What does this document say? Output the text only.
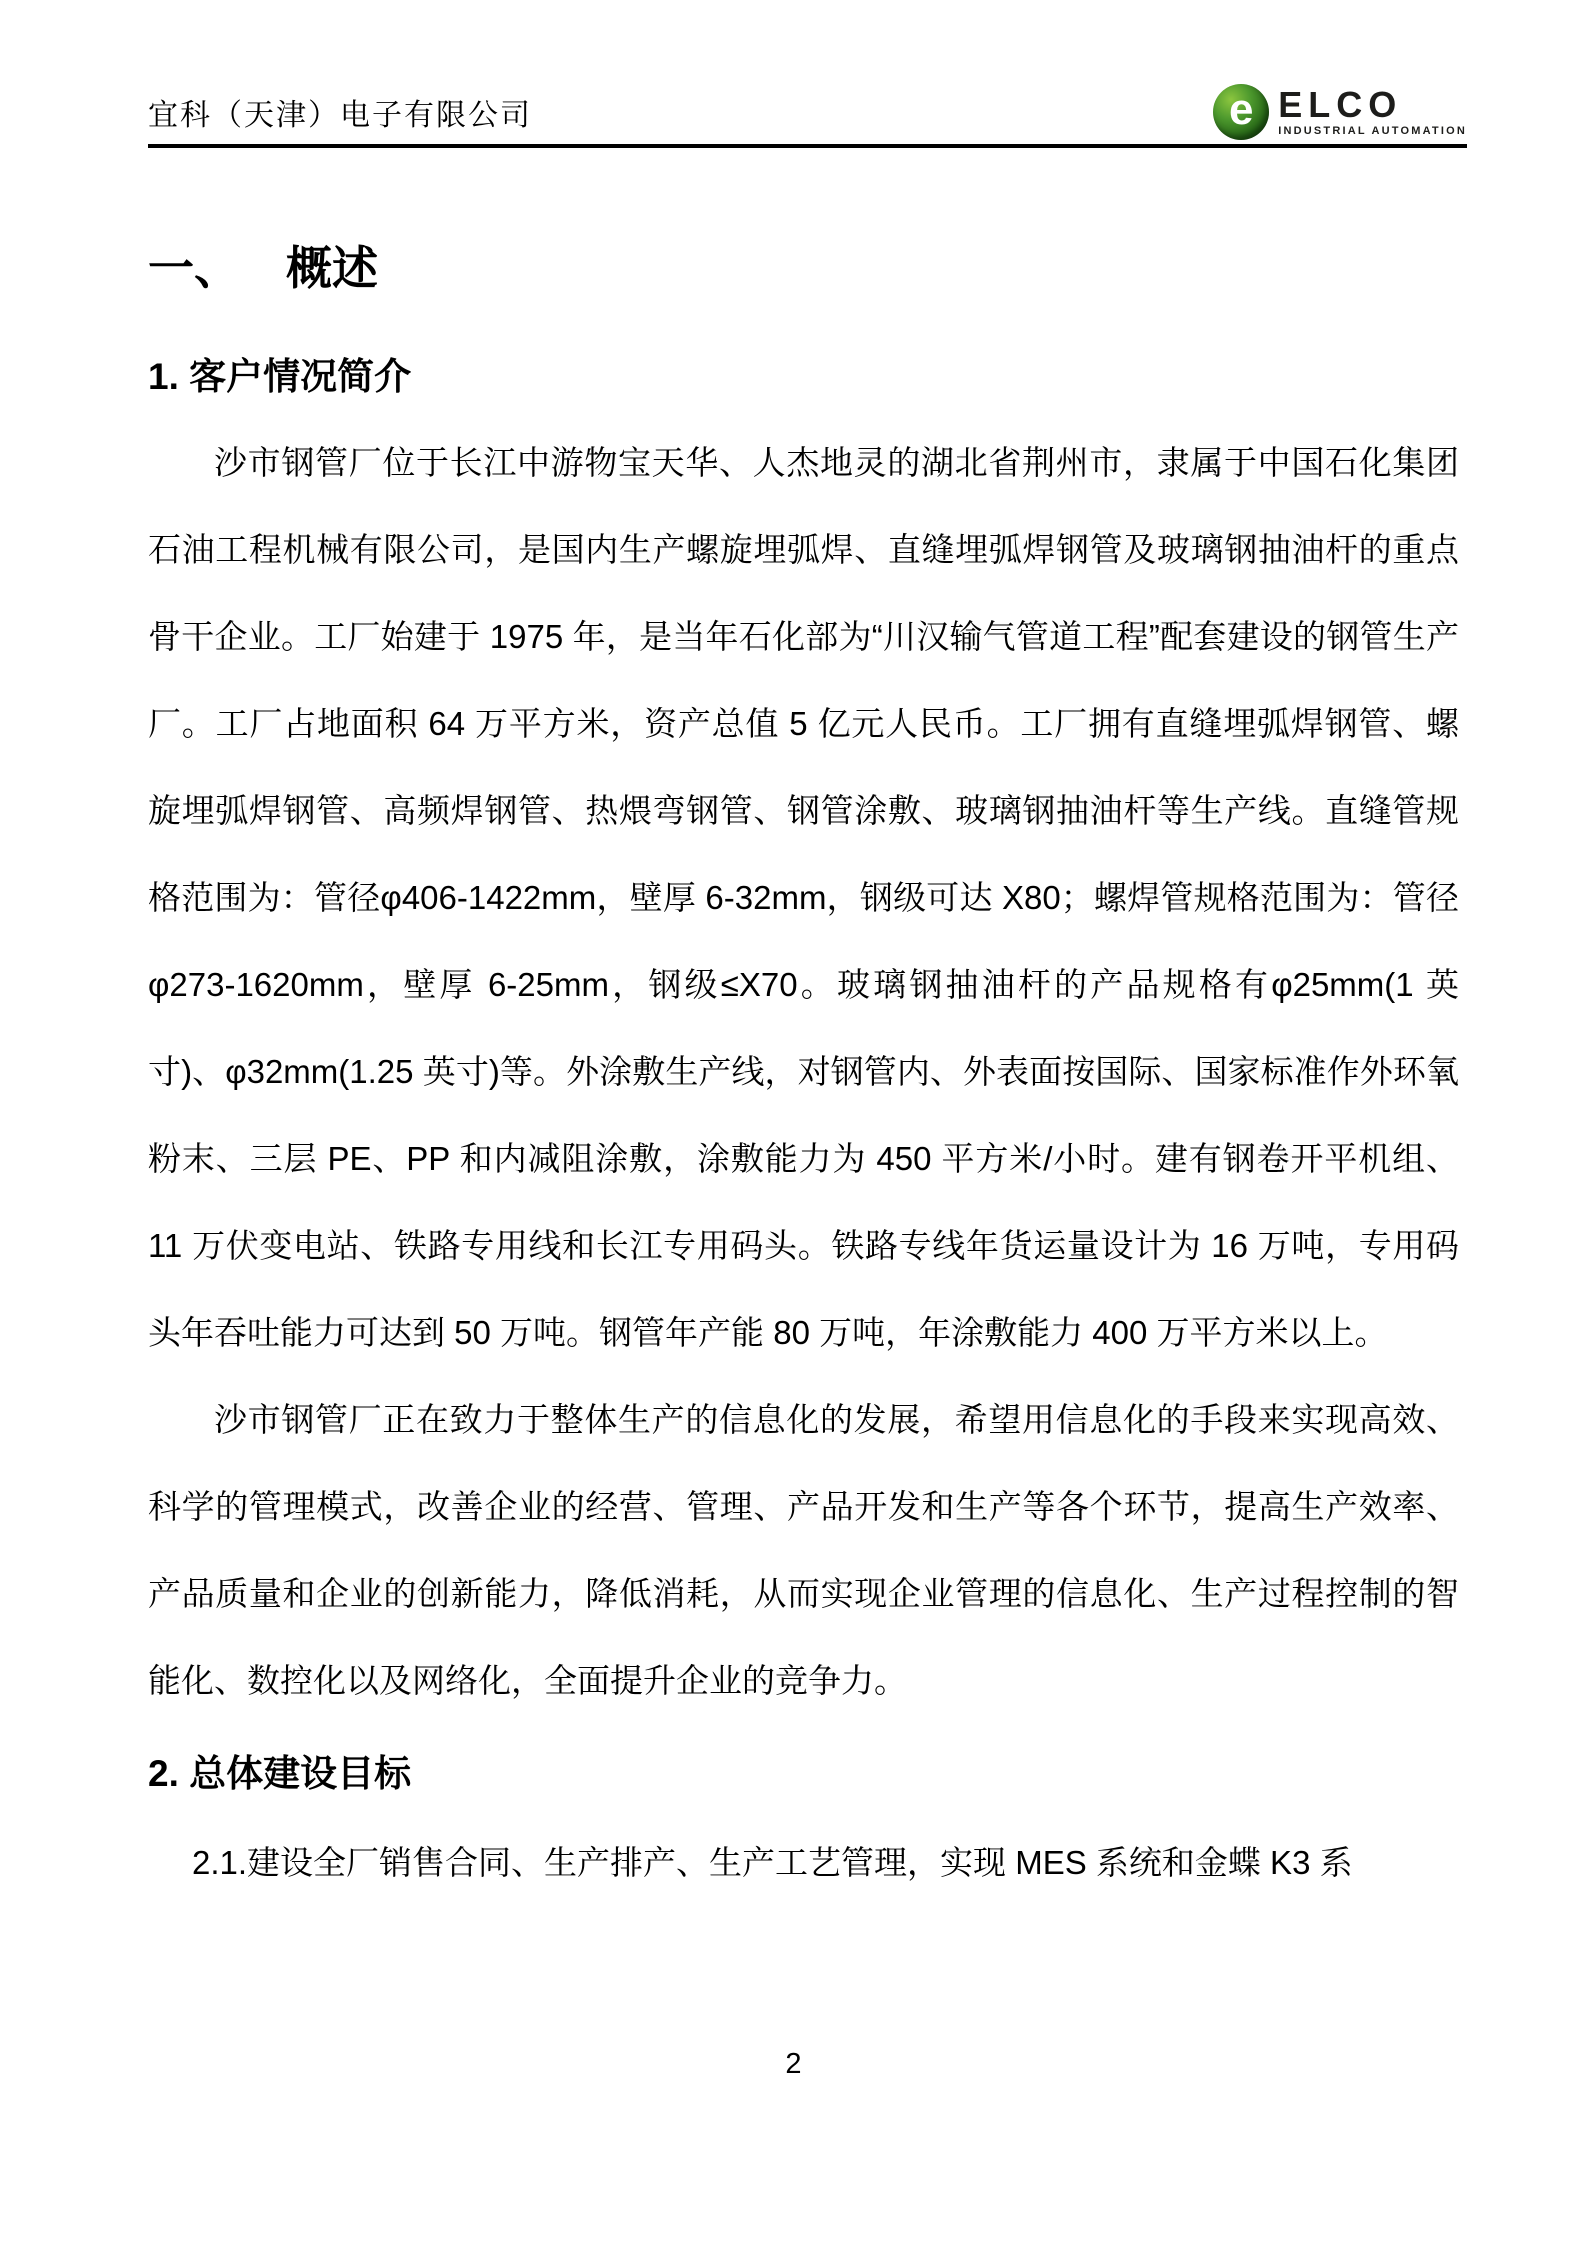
宜科（天津）电子有限公司	e ELCO
INDUSTRIAL AUTOMATION
一、 概述
1. 客户情况简介

沙市钢管厂位于长江中游物宝天华、人杰地灵的湖北省荆州市，隶属于中国石化集团石油工程机械有限公司，是国内生产螺旋埋弧焊、直缝埋弧焊钢管及玻璃钢抽油杆的重点骨干企业。工厂始建于 1975 年，是当年石化部为“川汉输气管道工程”配套建设的钢管生产厂。工厂占地面积 64 万平方米，资产总值 5 亿元人民币。工厂拥有直缝埋弧焊钢管、螺旋埋弧焊钢管、高频焊钢管、热煨弯钢管、钢管涂敷、玻璃钢抽油杆等生产线。直缝管规格范围为：管径φ406-1422mm，壁厚 6-32mm，钢级可达 X80；螺焊管规格范围为：管径φ273-1620mm，壁厚 6-25mm，钢级≤X70。玻璃钢抽油杆的产品规格有φ25mm(1 英寸)、φ32mm(1.25 英寸)等。外涂敷生产线，对钢管内、外表面按国际、国家标准作外环氧粉末、三层 PE、PP 和内减阻涂敷，涂敷能力为 450 平方米/小时。建有钢卷开平机组、11 万伏变电站、铁路专用线和长江专用码头。铁路专线年货运量设计为 16 万吨，专用码头年吞吐能力可达到 50 万吨。钢管年产能 80 万吨，年涂敷能力 400 万平方米以上。

沙市钢管厂正在致力于整体生产的信息化的发展，希望用信息化的手段来实现高效、科学的管理模式，改善企业的经营、管理、产品开发和生产等各个环节，提高生产效率、产品质量和企业的创新能力，降低消耗，从而实现企业管理的信息化、生产过程控制的智能化、数控化以及网络化，全面提升企业的竞争力。

2. 总体建设目标

2.1.建设全厂销售合同、生产排产、生产工艺管理，实现 MES 系统和金蝶 K3 系

2
